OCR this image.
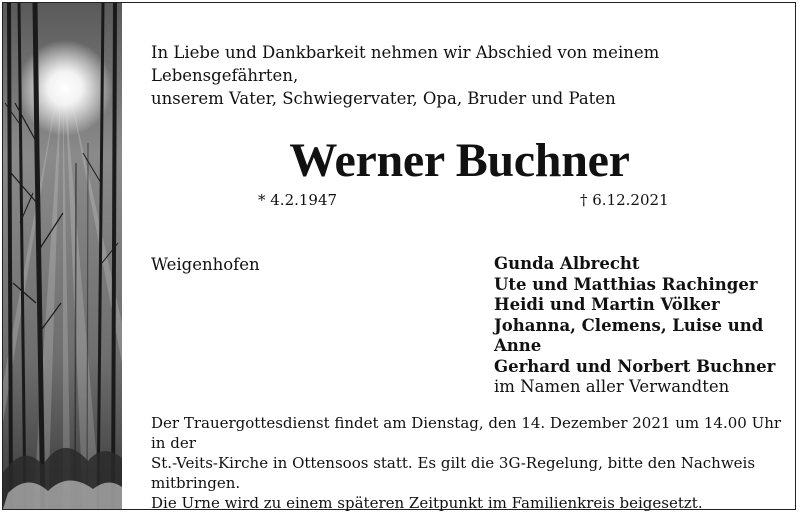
In Liebe und Dankbarkeit nehmen wir Abschied von meinem Lebensgefährten,
unserem Vater, Schwiegervater, Opa, Bruder und Paten
Werner Buchner
* 4.2.1947	† 6.12.2021
Weigenhofen	Gunda Albrecht
Ute und Matthias Rachinger
Heidi und Martin Völker
Johanna, Clemens, Luise und Anne
Gerhard und Norbert Buchner
im Namen aller Verwandten
Der Trauergottesdienst findet am Dienstag, den 14. Dezember 2021 um 14.00 Uhr in der
St.-Veits-Kirche in Ottensoos statt. Es gilt die 3G-Regelung, bitte den Nachweis mitbringen.
Die Urne wird zu einem späteren Zeitpunkt im Familienkreis beigesetzt.
